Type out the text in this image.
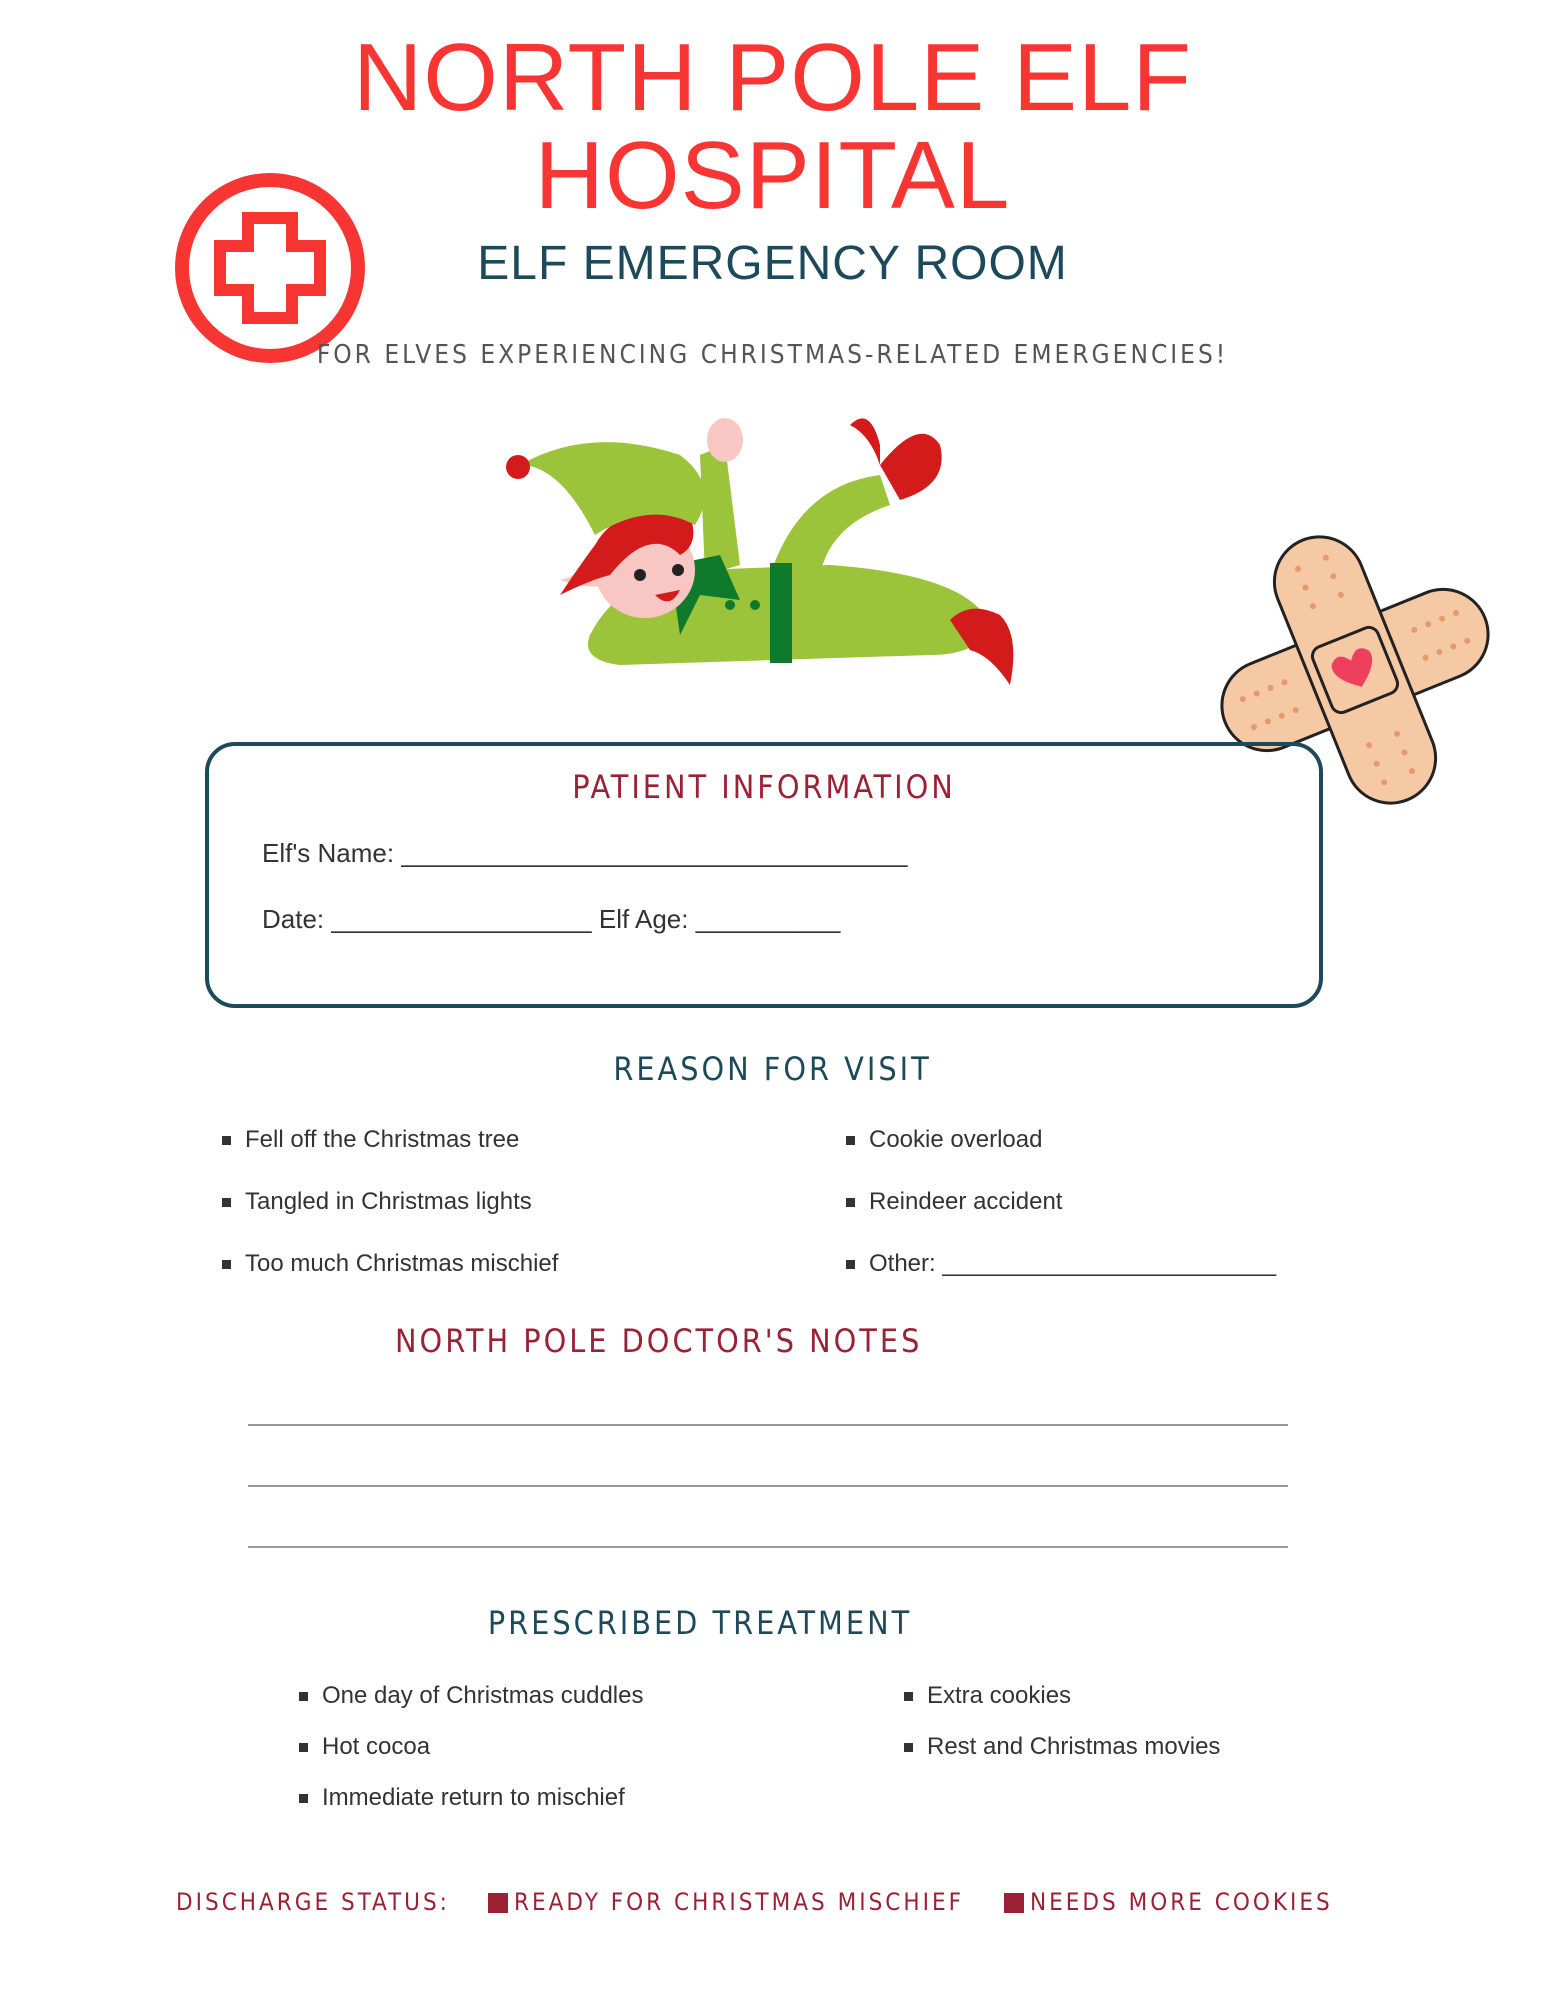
NORTH POLE ELF
HOSPITAL
ELF EMERGENCY ROOM
FOR ELVES EXPERIENCING CHRISTMAS-RELATED EMERGENCIES!
PATIENT INFORMATION
Elf's Name: ___________________________________
Date: __________________ Elf Age: __________
REASON FOR VISIT
Fell off the Christmas tree
Tangled in Christmas lights
Too much Christmas mischief
Cookie overload
Reindeer accident
Other: _________________________
NORTH POLE DOCTOR'S NOTES
PRESCRIBED TREATMENT
One day of Christmas cuddles
Hot cocoa
Immediate return to mischief
Extra cookies
Rest and Christmas movies
DISCHARGE STATUS:	READY FOR CHRISTMAS MISCHIEF	NEEDS MORE COOKIES
